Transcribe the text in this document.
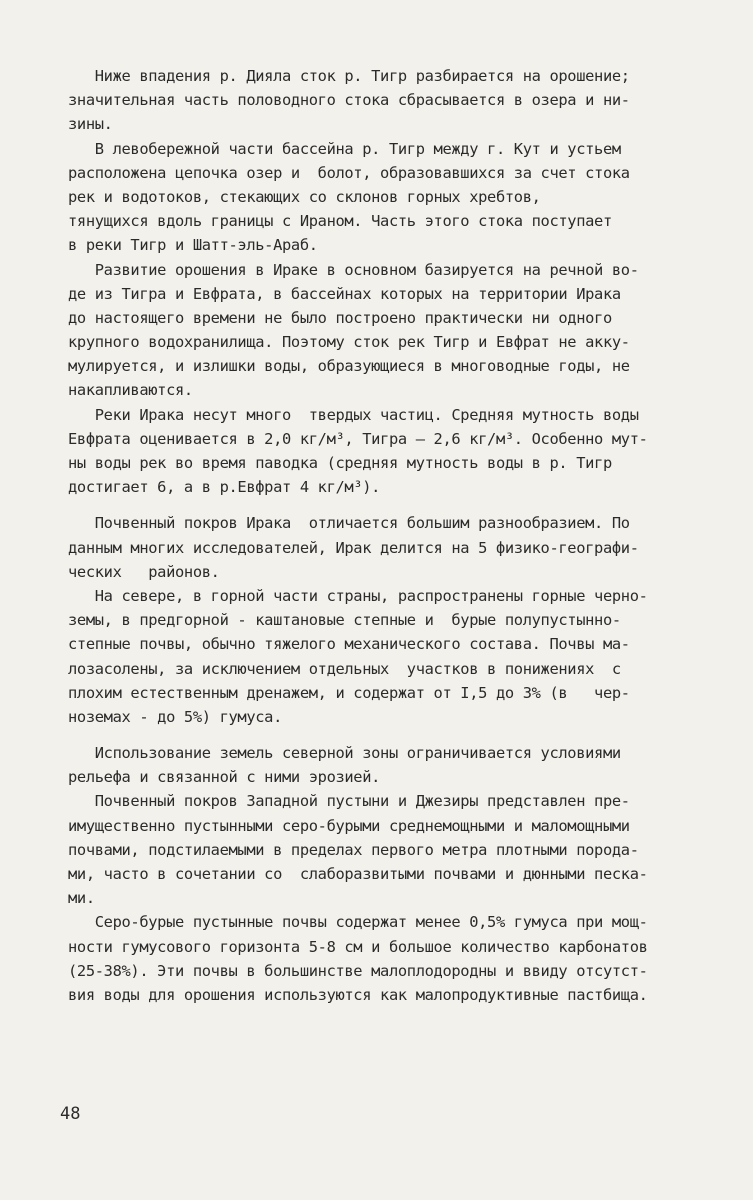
Ниже впадения р. Дияла сток р. Тигр разбирается на орошение;
значительная часть половодного стока сбрасывается в озера и ни-
зины.
В левобережной части бассейна р. Тигр между г. Кут и устьем
расположена цепочка озер и  болот, образовавшихся за счет стока
рек и водотоков, стекающих со склонов горных хребтов,
тянущихся вдоль границы с Ираном. Часть этого стока поступает
в реки Тигр и Шатт-эль-Араб.
Развитие орошения в Ираке в основном базируется на речной во-
де из Тигра и Евфрата, в бассейнах которых на территории Ирака
до настоящего времени не было построено практически ни одного
крупного водохранилища. Поэтому сток рек Тигр и Евфрат не акку-
мулируется, и излишки воды, образующиеся в многоводные годы, не
накапливаются.
Реки Ирака несут много  твердых частиц. Средняя мутность воды
Евфрата оценивается в 2,0 кг/м³, Тигра – 2,6 кг/м³. Особенно мут-
ны воды рек во время паводка (средняя мутность воды в р. Тигр
достигает 6, а в р.Евфрат 4 кг/м³).
Почвенный покров Ирака  отличается большим разнообразием. По
данным многих исследователей, Ирак делится на 5 физико-географи-
ческих   районов.
На севере, в горной части страны, распространены горные черно-
земы, в предгорной - каштановые степные и  бурые полупустынно-
степные почвы, обычно тяжелого механического состава. Почвы ма-
лозасолены, за исключением отдельных  участков в понижениях  с
плохим естественным дренажем, и содержат от I,5 до 3% (в   чер-
ноземах - до 5%) гумуса.
Использование земель северной зоны ограничивается условиями
рельефа и связанной с ними эрозией.
Почвенный покров Западной пустыни и Джезиры представлен пре-
имущественно пустынными серо-бурыми среднемощными и маломощными
почвами, подстилаемыми в пределах первого метра плотными порода-
ми, часто в сочетании со  слаборазвитыми почвами и дюнными песка-
ми.
Серо-бурые пустынные почвы содержат менее 0,5% гумуса при мощ-
ности гумусового горизонта 5-8 см и большое количество карбонатов
(25-38%). Эти почвы в большинстве малоплодородны и ввиду отсутст-
вия воды для орошения используются как малопродуктивные пастбища.
48
